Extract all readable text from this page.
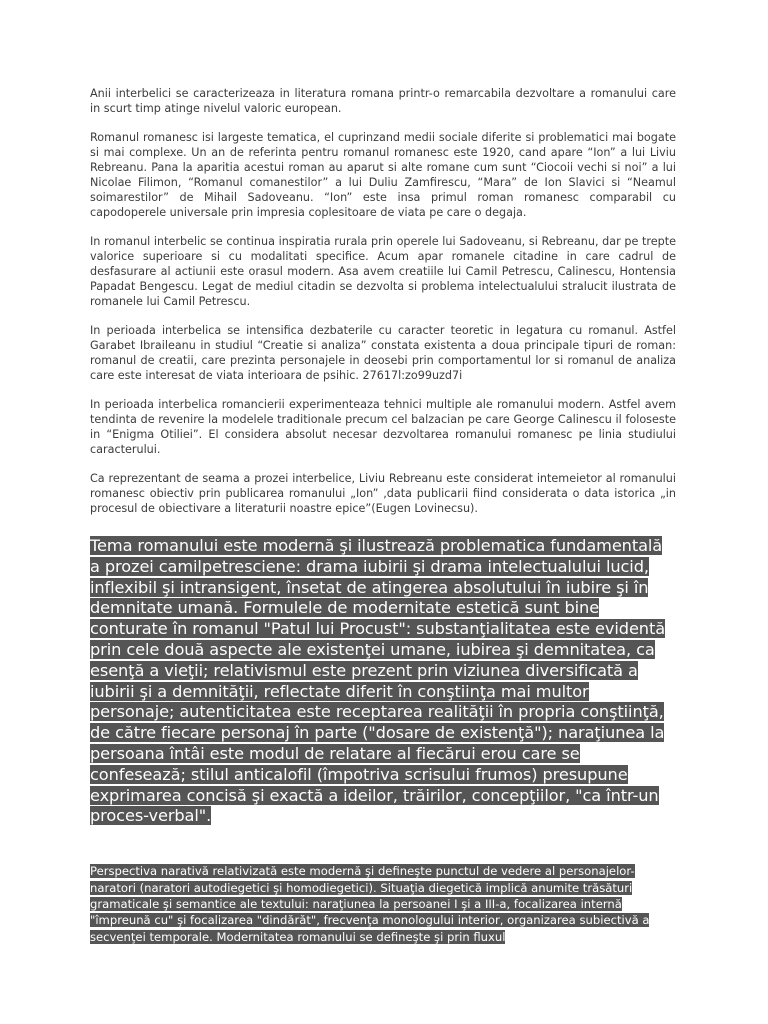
Anii interbelici se caracterizeaza in literatura romana printr-o remarcabila dezvoltare a romanului care in scurt timp atinge nivelul valoric european.

Romanul romanesc isi largeste tematica, el cuprinzand medii sociale diferite si problematici mai bogate si mai complexe. Un an de referinta pentru romanul romanesc este 1920, cand apare “Ion” a lui Liviu Rebreanu. Pana la aparitia acestui roman au aparut si alte romane cum sunt “Ciocoii vechi si noi” a lui Nicolae Filimon, “Romanul comanestilor” a lui Duliu Zamfirescu, “Mara” de Ion Slavici si “Neamul soimarestilor” de Mihail Sadoveanu. “Ion” este insa primul roman romanesc comparabil cu capodoperele universale prin impresia coplesitoare de viata pe care o degaja.

In romanul interbelic se continua inspiratia rurala prin operele lui Sadoveanu, si Rebreanu, dar pe trepte valorice superioare si cu modalitati specifice. Acum apar romanele citadine in care cadrul de desfasurare al actiunii este orasul modern. Asa avem creatiile lui Camil Petrescu, Calinescu, Hontensia Papadat Bengescu. Legat de mediul citadin se dezvolta si problema intelectualului stralucit ilustrata de romanele lui Camil Petrescu.

In perioada interbelica se intensifica dezbaterile cu caracter teoretic in legatura cu romanul. Astfel Garabet Ibraileanu in studiul “Creatie si analiza” constata existenta a doua principale tipuri de roman: romanul de creatii, care prezinta personajele in deosebi prin comportamentul lor si romanul de analiza care este interesat de viata interioara de psihic. 27617l:zo99uzd7i

In perioada interbelica romancierii experimenteaza tehnici multiple ale romanului modern. Astfel avem tendinta de revenire la modelele traditionale precum cel balzacian pe care George Calinescu il foloseste in “Enigma Otiliei”. El considera absolut necesar dezvoltarea romanului romanesc pe linia studiului caracterului.

Ca reprezentant de seama a prozei interbelice, Liviu Rebreanu este considerat intemeietor al romanului romanesc obiectiv prin publicarea romanului „Ion” ,data publicarii fiind considerata o data istorica „in procesul de obiectivare a literaturii noastre epice”(Eugen Lovinecsu).

Tema romanului este modernă şi ilustrează problematica fundamentală a prozei camilpetresciene: drama iubirii şi drama intelectualului lucid, inflexibil şi intransigent, însetat de atingerea absolutului în iubire şi în demnitate umană. Formulele de modernitate estetică sunt bine conturate în romanul "Patul lui Procust": substanţialitatea este evidentă prin cele două aspecte ale existenţei umane, iubirea şi demnitatea, ca esenţă a vieţii; relativismul este prezent prin viziunea diversificată a iubirii şi a demnităţii, reflectate diferit în conştiinţa mai multor personaje; autenticitatea este receptarea realităţii în propria conştiinţă, de către fiecare personaj în parte ("dosare de existenţă"); naraţiunea la persoana întâi este modul de relatare al fiecărui erou care se confesează; stilul anticalofil (împotriva scrisului frumos) presupune exprimarea concisă şi exactă a ideilor, trăirilor, concepţiilor, "ca într-un proces-verbal".

Perspectiva narativă relativizată este modernă şi defineşte punctul de vedere al personajelor-naratori (naratori autodiegetici şi homodiegetici). Situaţia diegetică implică anumite trăsături gramaticale şi semantice ale textului: naraţiunea la persoanei I şi a III-a, focalizarea internă "împreună cu" şi focalizarea "dindărăt", frecvenţa monologului interior, organizarea subiectivă a secvenţei temporale. Modernitatea romanului se defineşte şi prin fluxul
